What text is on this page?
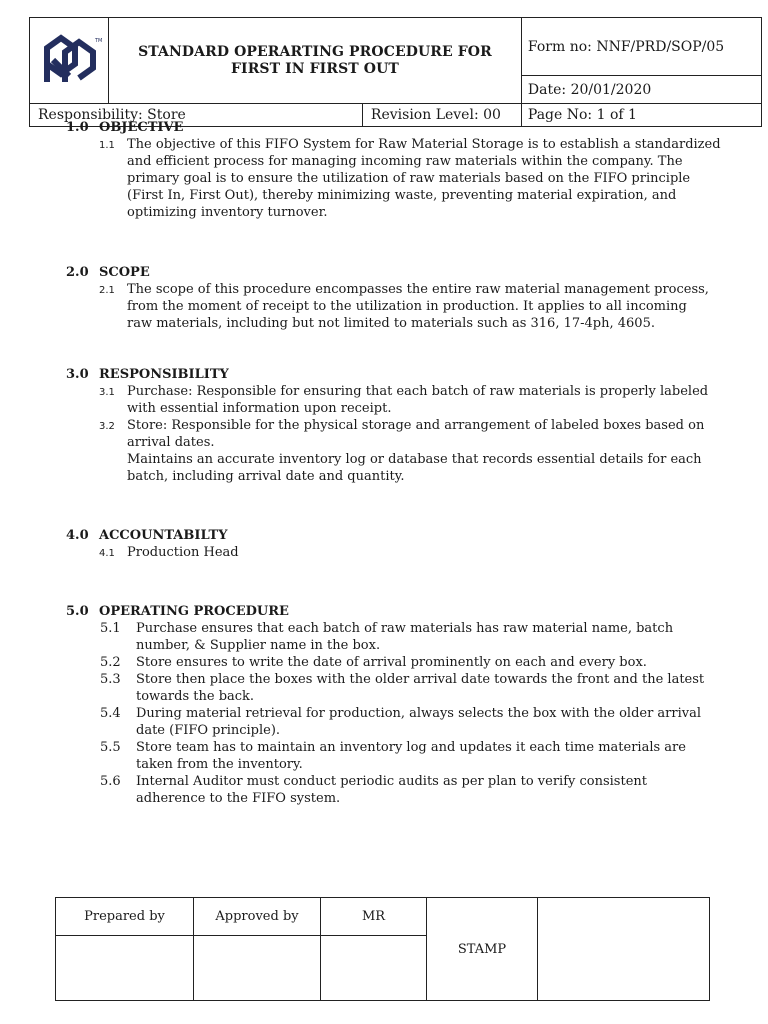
TM	STANDARD OPERARTING PROCEDURE FOR
FIRST IN FIRST OUT		Form no: NNF/PRD/SOP/05
			Date: 20/01/2020
Responsibility: Store		Revision Level: 00	Page No: 1 of 1
1.0 OBJECTIVE
1.1 The objective of this FIFO System for Raw Material Storage is to establish a standardized
and efficient process for managing incoming raw materials within the company. The
primary goal is to ensure the utilization of raw materials based on the FIFO principle
(First In, First Out), thereby minimizing waste, preventing material expiration, and
optimizing inventory turnover.
2.0 SCOPE
2.1 The scope of this procedure encompasses the entire raw material management process,
from the moment of receipt to the utilization in production. It applies to all incoming
raw materials, including but not limited to materials such as 316, 17-4ph, 4605.
3.0 RESPONSIBILITY
3.1 Purchase: Responsible for ensuring that each batch of raw materials is properly labeled
with essential information upon receipt.
3.2 Store: Responsible for the physical storage and arrangement of labeled boxes based on
arrival dates.
Maintains an accurate inventory log or database that records essential details for each
batch, including arrival date and quantity.
4.0 ACCOUNTABILTY
4.1 Production Head
5.0 OPERATING PROCEDURE
5.1 Purchase ensures that each batch of raw materials has raw material name, batch
number, & Supplier name in the box.
5.2 Store ensures to write the date of arrival prominently on each and every box.
5.3 Store then place the boxes with the older arrival date towards the front and the latest
towards the back.
5.4 During material retrieval for production, always selects the box with the older arrival
date (FIFO principle).
5.5 Store team has to maintain an inventory log and updates it each time materials are
taken from the inventory.
5.6 Internal Auditor must conduct periodic audits as per plan to verify consistent
adherence to the FIFO system.
Prepared by	Approved by	MR	STAMP	
